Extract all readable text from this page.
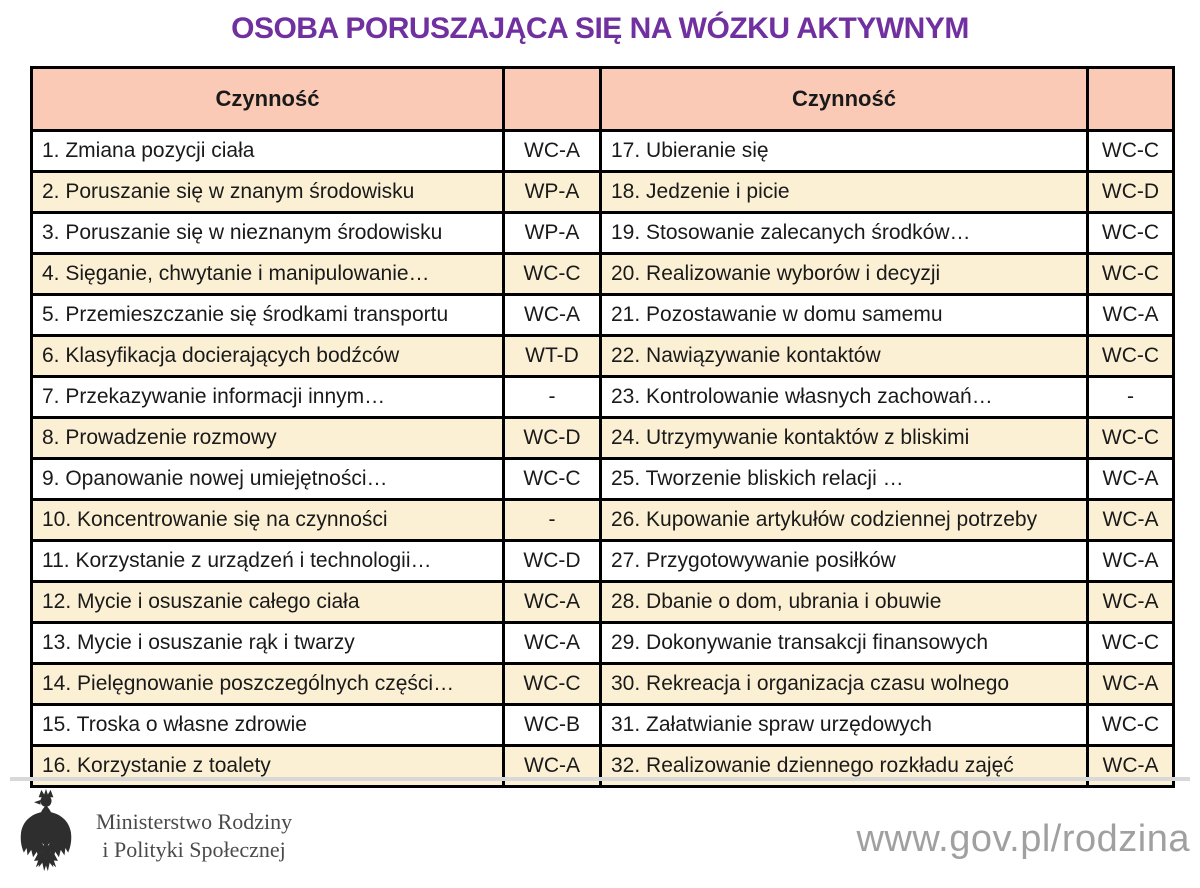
OSOBA PORUSZAJĄCA SIĘ NA WÓZKU AKTYWNYM
Czynność		Czynność	
1. Zmiana pozycji ciała	WC-A	17. Ubieranie się	WC-C
2. Poruszanie się w znanym środowisku	WP-A	18. Jedzenie i picie	WC-D
3. Poruszanie się w nieznanym środowisku	WP-A	19. Stosowanie zalecanych środków…	WC-C
4. Sięganie, chwytanie i manipulowanie…	WC-C	20. Realizowanie wyborów i decyzji	WC-C
5. Przemieszczanie się środkami transportu	WC-A	21. Pozostawanie w domu samemu	WC-A
6. Klasyfikacja docierających bodźców	WT-D	22. Nawiązywanie kontaktów	WC-C
7. Przekazywanie informacji innym…	-	23. Kontrolowanie własnych zachowań…	-
8. Prowadzenie rozmowy	WC-D	24. Utrzymywanie kontaktów z bliskimi	WC-C
9. Opanowanie nowej umiejętności…	WC-C	25. Tworzenie bliskich relacji …	WC-A
10. Koncentrowanie się na czynności	-	26. Kupowanie artykułów codziennej potrzeby	WC-A
11. Korzystanie z urządzeń i technologii…	WC-D	27. Przygotowywanie posiłków	WC-A
12. Mycie i osuszanie całego ciała	WC-A	28. Dbanie o dom, ubrania i obuwie	WC-A
13. Mycie i osuszanie rąk i twarzy	WC-A	29. Dokonywanie transakcji finansowych	WC-C
14. Pielęgnowanie poszczególnych części…	WC-C	30. Rekreacja i organizacja czasu wolnego	WC-A
15. Troska o własne zdrowie	WC-B	31. Załatwianie spraw urzędowych	WC-C
16. Korzystanie z toalety	WC-A	32. Realizowanie dziennego rozkładu zajęć	WC-A
Ministerstwo Rodziny
i Polityki Społecznej	www.gov.pl/rodzina
